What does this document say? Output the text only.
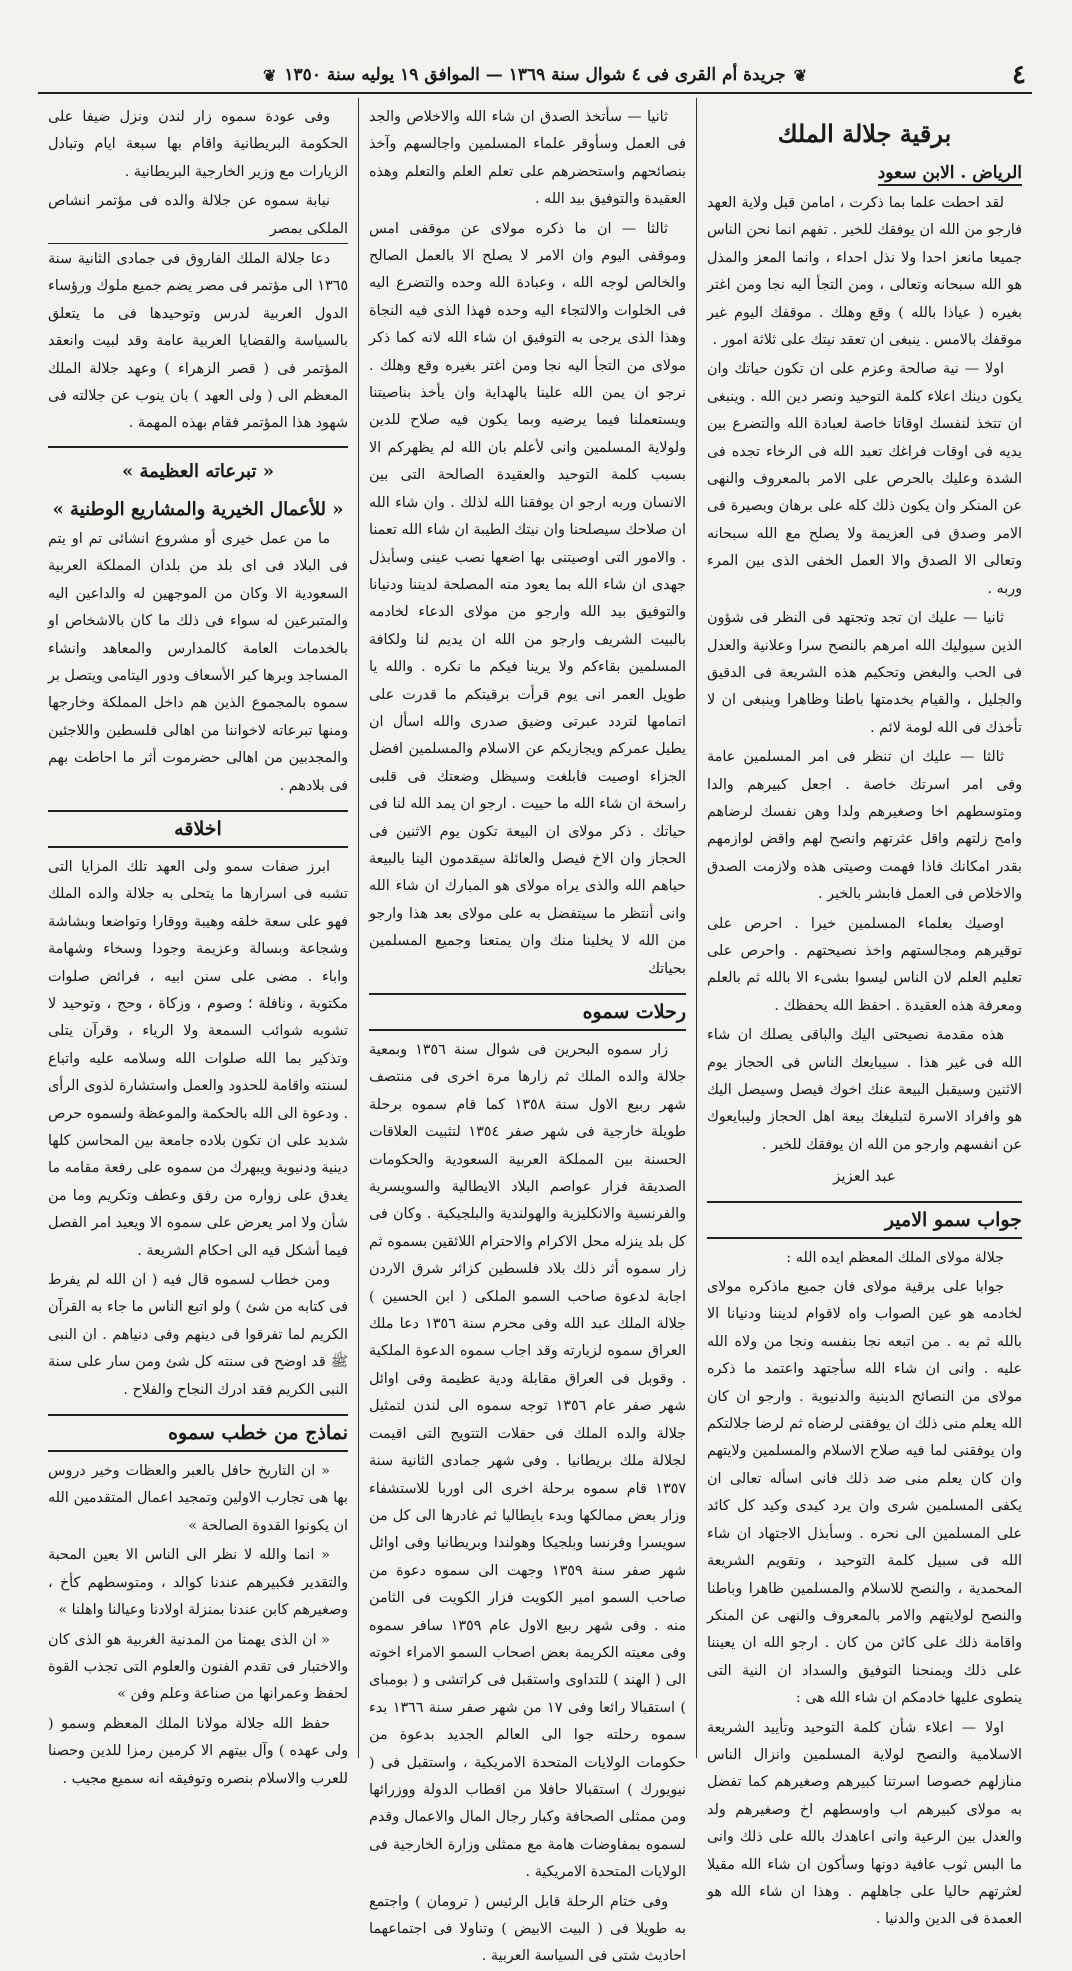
٤
❦
جريدة أم القرى فى ٤ شوال سنة ١٣٦٩ — الموافق ١٩ يوليه سنة ١٣٥٠
❦
برقية جلالة الملك
الرياض . الابن سعود

لقد احطت علما بما ذكرت ، امامن قبل ولاية العهد فارجو من الله ان يوفقك للخير . تفهم انما نحن الناس جميعا مانعز احدا ولا نذل احداء ، وانما المعز والمذل هو الله سبحانه وتعالى ، ومن التجأ اليه نجا ومن اغتر بغيره ( عياذا بالله ) وقع وهلك . موقفك اليوم غير موقفك بالامس . ينبغى ان تعقد نيتك على ثلاثة امور .

اولا — نية صالحة وعزم على ان تكون حياتك وان يكون دينك اعلاء كلمة التوحيد ونصر دين الله . وينبغى ان تتخذ لنفسك اوقاتا خاصة لعبادة الله والتضرع بين يديه فى اوقات فراغك تعبد الله فى الرخاء تجده فى الشدة وعليك بالحرص على الامر بالمعروف والنهى عن المنكر وان يكون ذلك كله على برهان وبصيرة فى الامر وصدق فى العزيمة ولا يصلح مع الله سبحانه وتعالى الا الصدق والا العمل الخفى الذى بين المرء وربه .

ثانيا — عليك ان تجد وتجتهد فى النظر فى شؤون الذين سيوليك الله امرهم بالنصح سرا وعلانية والعدل فى الحب والبغض وتحكيم هذه الشريعة فى الدقيق والجليل ، والقيام بخدمتها باطنا وظاهرا وينبغى ان لا تأخذك فى الله لومة لائم .

ثالثا — عليك ان تنظر فى امر المسلمين عامة وفى امر اسرتك خاصة . اجعل كبيرهم والدا ومتوسطهم اخا وصغيرهم ولدا وهن نفسك لرضاهم وامح زلتهم واقل عثرتهم وانصح لهم واقض لوازمهم بقدر امكانك فاذا فهمت وصيتى هذه ولازمت الصدق والاخلاص فى العمل فابشر بالخير .

اوصيك بعلماء المسلمين خيرا . احرص على توقيرهم ومجالستهم واخذ نصيحتهم . واحرص على تعليم العلم لان الناس ليسوا بشىء الا بالله ثم بالعلم ومعرفة هذه العقيدة . احفظ الله يحفظك .

هذه مقدمة نصيحتى اليك والباقى يصلك ان شاء الله فى غير هذا . سيبايعك الناس فى الحجاز يوم الاثنين وسيقبل البيعة عنك اخوك فيصل وسيصل اليك هو وافراد الاسرة لتبليغك بيعة اهل الحجاز وليبايعوك عن انفسهم وارجو من الله ان يوفقك للخير .

عبد العزيز
جواب سمو الامير

جلالة مولاى الملك المعظم ايده الله :

جوابا على برقية مولاى فان جميع ماذكره مولاى لخادمه هو عين الصواب واه لاقوام لديننا ودنيانا الا بالله ثم به . من اتبعه نجا بنفسه ونجا من ولاه الله عليه . وانى ان شاء الله سأجتهد واعتمد ما ذكره مولاى من النصائح الدينية والدنيوية . وارجو ان كان الله يعلم منى ذلك ان يوفقنى لرضاه ثم لرضا جلالتكم وان يوفقنى لما فيه صلاح الاسلام والمسلمين ولايتهم وان كان يعلم منى ضد ذلك فانى اسأله تعالى ان يكفى المسلمين شرى وان يرد كيدى وكيد كل كائد على المسلمين الى نحره . وسأبذل الاجتهاد ان شاء الله فى سبيل كلمة التوحيد ، وتقويم الشريعة المحمدية ، والنصح للاسلام والمسلمين ظاهرا وباطنا والنصح لولايتهم والامر بالمعروف والنهى عن المنكر واقامة ذلك على كائن من كان . ارجو الله ان يعيننا على ذلك ويمنحنا التوفيق والسداد ان النية التى ينطوى عليها خادمكم ان شاء الله هى :

اولا — اعلاء شأن كلمة التوحيد وتأييد الشريعة الاسلامية والنصح لولاية المسلمين وانزال الناس منازلهم خصوصا اسرتنا كبيرهم وصغيرهم كما تفضل به مولاى كبيرهم اب واوسطهم اخ وصغيرهم ولد والعدل بين الرعية وانى اعاهدك بالله على ذلك وانى ما البس ثوب عافية دونها وسأكون ان شاء الله مقيلا لعثرتهم حاليا على جاهلهم . وهذا ان شاء الله هو العمدة فى الدين والدنيا .

ثانيا — سأتخذ الصدق ان شاء الله والاخلاص والجد فى العمل وسأوقر علماء المسلمين واجالسهم وآخذ بنصائحهم واستحضرهم على تعلم العلم والتعلم وهذه العقيدة والتوفيق بيد الله .

ثالثا — ان ما ذكره مولاى عن موقفى امس وموقفى اليوم وان الامر لا يصلح الا بالعمل الصالح والخالص لوجه الله ، وعبادة الله وحده والتضرع اليه فى الخلوات والالتجاء اليه وحده فهذا الذى فيه النجاة وهذا الذى يرجى به التوفيق ان شاء الله لانه كما ذكر مولاى من التجأ اليه نجا ومن اغتر بغيره وقع وهلك . نرجو ان يمن الله علينا بالهداية وان يأخذ بناصيتنا ويستعملنا فيما يرضيه وبما يكون فيه صلاح للدين ولولاية المسلمين وانى لأعلم بان الله لم يظهركم الا بسبب كلمة التوحيد والعقيدة الصالحة التى بين الانسان وربه ارجو ان يوفقنا الله لذلك . وان شاء الله ان صلاحك سيصلحنا وان نيتك الطيبة ان شاء الله تعمنا . والامور التى اوصيتنى بها اضعها نصب عينى وسأبذل جهدى ان شاء الله بما يعود منه المصلحة لديننا ودنيانا والتوفيق بيد الله وارجو من مولاى الدعاء لخادمه بالبيت الشريف وارجو من الله ان يديم لنا ولكافة المسلمين بقاءكم ولا يرينا فيكم ما نكره . والله يا طويل العمر انى يوم قرأت برقيتكم ما قدرت على اتمامها لتردد عبرتى وضيق صدرى والله اسأل ان يطيل عمركم ويجازيكم عن الاسلام والمسلمين افضل الجزاء اوصيت فابلغت وسيظل وضعتك فى قلبى راسخة ان شاء الله ما حييت . ارجو ان يمد الله لنا فى حياتك . ذكر مولاى ان البيعة تكون يوم الاثنين فى الحجاز وان الاخ فيصل والعائلة سيقدمون الينا بالبيعة حياهم الله والذى يراه مولاى هو المبارك ان شاء الله وانى أنتظر ما سيتفضل به على مولاى بعد هذا وارجو من الله لا يخلينا منك وان يمتعنا وجميع المسلمين بحياتك

رحلات سموه

زار سموه البحرين فى شوال سنة ١٣٥٦ وبمعية جلالة والده الملك ثم زارها مرة اخرى فى منتصف شهر ربيع الاول سنة ١٣٥٨ كما قام سموه برحلة طويلة خارجية فى شهر صفر ١٣٥٤ لتثبيت العلاقات الحسنة بين المملكة العربية السعودية والحكومات الصديقة فزار عواصم البلاد الايطالية والسويسرية والفرنسية والانكليزية والهولندية والبلجيكية . وكان فى كل بلد ينزله محل الاكرام والاحترام اللائقين بسموه ثم زار سموه أثر ذلك بلاد فلسطين كزائر شرق الاردن اجابة لدعوة صاحب السمو الملكى ( ابن الحسين ) جلالة الملك عبد الله وفى محرم سنة ١٣٥٦ دعا ملك العراق سموه لزيارته وقد اجاب سموه الدعوة الملكية . وقوبل فى العراق مقابلة ودية عظيمة وفى اوائل شهر صفر عام ١٣٥٦ توجه سموه الى لندن لتمثيل جلالة والده الملك فى حفلات التتويج التى اقيمت لجلالة ملك بريطانيا . وفى شهر جمادى الثانية سنة ١٣٥٧ قام سموه برحلة اخرى الى اوربا للاستشفاء وزار بعض ممالكها وبدء بايطاليا ثم غادرها الى كل من سويسرا وفرنسا وبلجيكا وهولندا وبريطانيا وفى اوائل شهر صفر سنة ١٣٥٩ وجهت الى سموه دعوة من صاحب السمو امير الكويت فزار الكويت فى الثامن منه . وفى شهر ربيع الاول عام ١٣٥٩ سافر سموه وفى معيته الكريمة بعض اصحاب السمو الامراء اخوته الى ( الهند ) للتداوى واستقبل فى كراتشى و ( بومباى ) استقبالا رائعا وفى ١٧ من شهر صفر سنة ١٣٦٦ بدء سموه رحلته جوا الى العالم الجديد بدعوة من حكومات الولايات المتحدة الامريكية ، واستقبل فى ( نيويورك ) استقبالا حافلا من اقطاب الدولة ووزرائها ومن ممثلى الصحافة وكبار رجال المال والاعمال وقدم لسموه بمفاوضات هامة مع ممثلى وزارة الخارجية فى الولايات المتحدة الامريكية .

وفى ختام الرحلة قابل الرئيس ( ترومان ) واجتمع به طويلا فى ( البيت الابيض ) وتناولا فى اجتماعهما احاديث شتى فى السياسة العربية .

وفى عودة سموه زار لندن ونزل ضيفا على الحكومة البريطانية واقام بها سبعة ايام وتبادل الزيارات مع وزير الخارجية البريطانية .

نيابة سموه عن جلالة والده فى مؤتمر انشاص الملكى بمصر

دعا جلالة الملك الفاروق فى جمادى الثانية سنة ١٣٦٥ الى مؤتمر فى مصر يضم جميع ملوك ورؤساء الدول العربية لدرس وتوحيدها فى ما يتعلق بالسياسة والقضايا العربية عامة وقد لبيت وانعقد المؤتمر فى ( قصر الزهراء ) وعهد جلالة الملك المعظم الى ( ولى العهد ) بان ينوب عن جلالته فى شهود هذا المؤتمر فقام بهذه المهمة .

« تبرعاته العظيمة »
« للأعمال الخيرية والمشاريع الوطنية »

ما من عمل خيرى أو مشروع انشائى تم او يتم فى البلاد فى اى بلد من بلدان المملكة العربية السعودية الا وكان من الموجهين له والداعين اليه والمتبرعين له سواء فى ذلك ما كان بالاشخاص او بالخدمات العامة كالمدارس والمعاهد وانشاء المساجد وبرها كبر الأسعاف ودور اليتامى ويتصل بر سموه بالمجموع الذين هم داخل المملكة وخارجها ومنها تبرعاته لاخواننا من اهالى فلسطين واللاجئين والمجدبين من اهالى حضرموت أثر ما احاطت بهم فى بلادهم .

اخلاقه

ابرز صفات سمو ولى العهد تلك المزايا التى تشبه فى اسرارها ما يتحلى به جلالة والده الملك فهو على سعة خلقه وهيبة ووقارا وتواضعا وبشاشة وشجاعة وبسالة وعزيمة وجودا وسخاء وشهامة واباء . مضى على سنن ابيه ، فرائض صلوات مكتوبة ، ونافلة ؛ وصوم ، وزكاة ، وحج ، وتوحيد لا تشوبه شوائب السمعة ولا الرياء ، وقرآن يتلى وتذكير بما الله صلوات الله وسلامه عليه واتباع لسنته واقامة للحدود والعمل واستشارة لذوى الرأى . ودعوة الى الله بالحكمة والموعظة ولسموه حرص شديد على ان تكون بلاده جامعة بين المحاسن كلها دينية ودنيوية ويبهرك من سموه على رفعة مقامه ما يغدق على زواره من رفق وعطف وتكريم وما من شأن ولا امر يعرض على سموه الا ويعيد امر الفصل فيما أشكل فيه الى احكام الشريعة .

ومن خطاب لسموه قال فيه ( ان الله لم يفرط فى كتابه من شئ ) ولو اتبع الناس ما جاء به القرآن الكريم لما تفرقوا فى دينهم وفى دنياهم . ان النبى ﷺ قد اوضح فى سنته كل شئ ومن سار على سنة النبى الكريم فقد ادرك النجاح والفلاح .

نماذج من خطب سموه

« ان التاريخ حافل بالعبر والعظات وخير دروس بها هى تجارب الاولين وتمجيد اعمال المتقدمين الله ان يكونوا القدوة الصالحة »

« انما والله لا نظر الى الناس الا بعين المحبة والتقدير فكبيرهم عندنا كوالد ، ومتوسطهم كأخ ، وصغيرهم كابن عندنا بمنزلة اولادنا وعيالنا واهلنا »

« ان الذى يهمنا من المدنية الغربية هو الذى كان والاختبار فى تقدم الفنون والعلوم التى تجذب القوة لحفظ وعمرانها من صناعة وعلم وفن »

حفظ الله جلالة مولانا الملك المعظم وسمو ( ولى عهده ) وآل بيتهم الا كرمين رمزا للدين وحصنا للعرب والاسلام بنصره وتوفيقه انه سميع مجيب .
